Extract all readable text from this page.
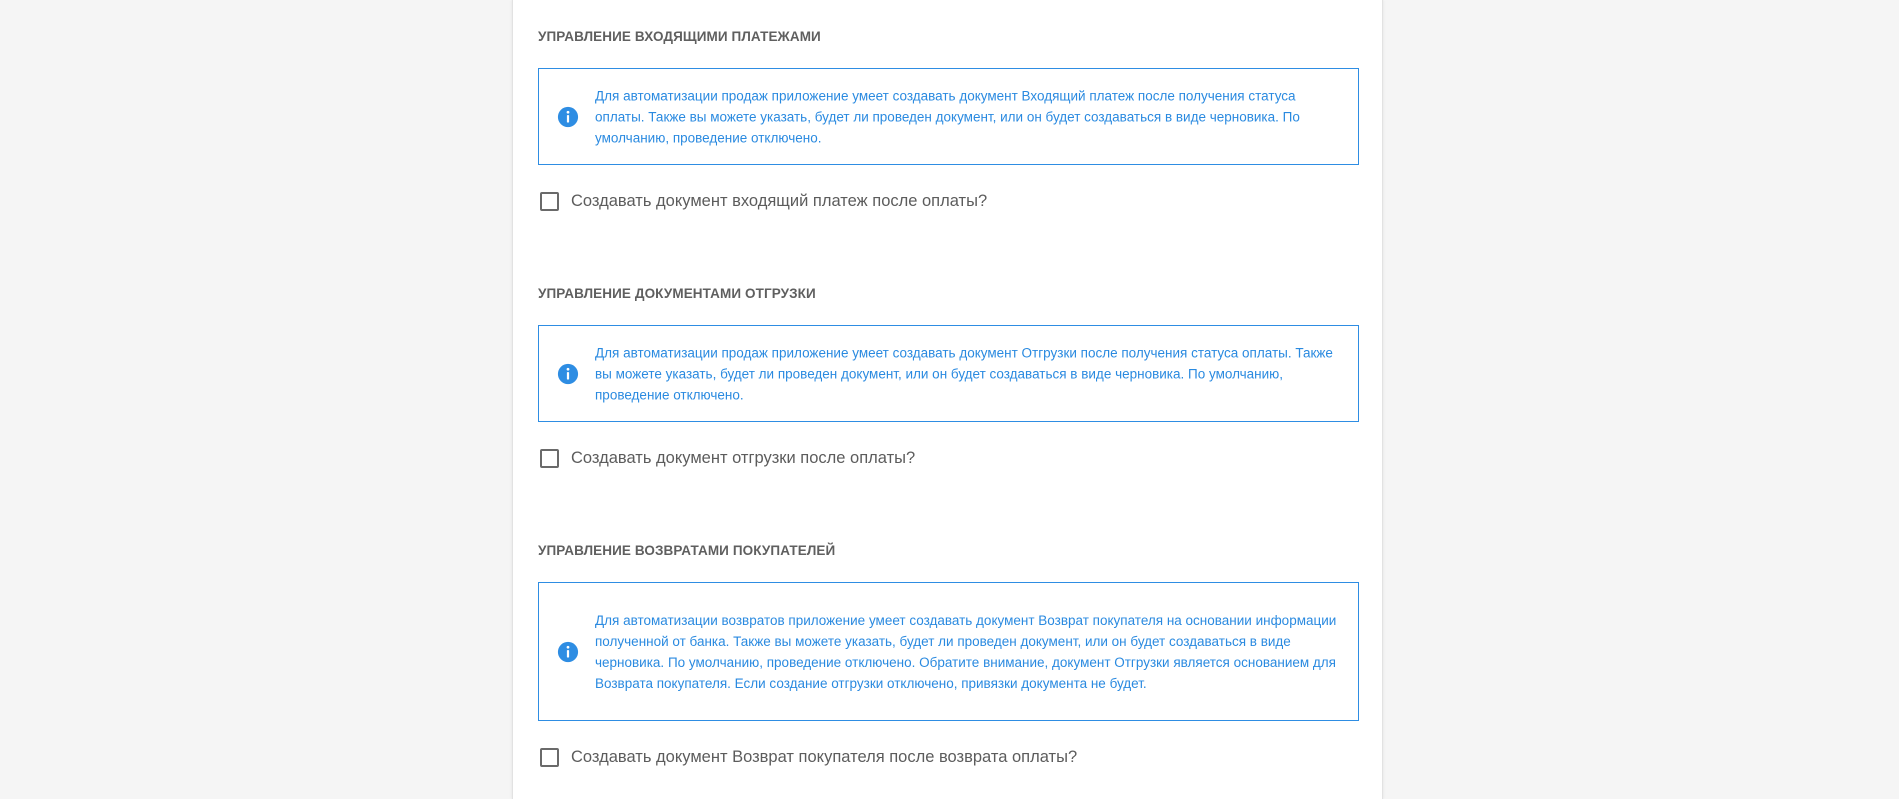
УПРАВЛЕНИЕ ВХОДЯЩИМИ ПЛАТЕЖАМИ
Для автоматизации продаж приложение умеет создавать документ Входящий платеж после получения статуса оплаты. Также вы можете указать, будет ли проведен документ, или он будет создаваться в виде черновика. По умолчанию, проведение отключено.
Создавать документ входящий платеж после оплаты?
УПРАВЛЕНИЕ ДОКУМЕНТАМИ ОТГРУЗКИ
Для автоматизации продаж приложение умеет создавать документ Отгрузки после получения статуса оплаты. Также вы можете указать, будет ли проведен документ, или он будет создаваться в виде черновика. По умолчанию, проведение отключено.
Создавать документ отгрузки после оплаты?
УПРАВЛЕНИЕ ВОЗВРАТАМИ ПОКУПАТЕЛЕЙ
Для автоматизации возвратов приложение умеет создавать документ Возврат покупателя на основании информации полученной от банка. Также вы можете указать, будет ли проведен документ, или он будет создаваться в виде черновика. По умолчанию, проведение отключено. Обратите внимание, документ Отгрузки является основанием для Возврата покупателя. Если создание отгрузки отключено, привязки документа не будет.
Создавать документ Возврат покупателя после возврата оплаты?
